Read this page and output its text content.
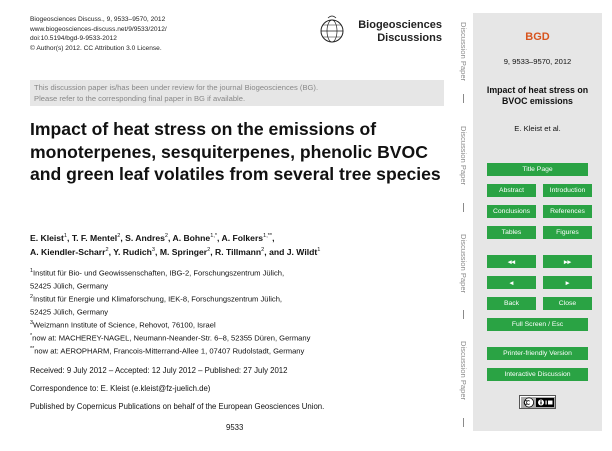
Biogeosciences Discuss., 9, 9533–9570, 2012
www.biogeosciences-discuss.net/9/9533/2012/
doi:10.5194/bgd-9-9533-2012
© Author(s) 2012. CC Attribution 3.0 License.
Biogeosciences
Discussions
This discussion paper is/has been under review for the journal Biogeosciences (BG).
Please refer to the corresponding final paper in BG if available.
Impact of heat stress on the emissions of monoterpenes, sesquiterpenes, phenolic BVOC and green leaf volatiles from several tree species
E. Kleist$^1$, T. F. Mentel$^2$, S. Andres$^2$, A. Bohne$^{1,*}$, A. Folkers$^{1,**}$,
A. Kiendler-Scharr$^2$, Y. Rudich$^3$, M. Springer$^2$, R. Tillmann$^2$, and J. Wildt$^1$
$^1$Institut für Bio- und Geowissenschaften, IBG-2, Forschungszentrum Jülich,
52425 Jülich, Germany
$^2$Institut für Energie und Klimaforschung, IEK-8, Forschungszentrum Jülich,
52425 Jülich, Germany
$^3$Weizmann Institute of Science, Rehovot, 76100, Israel
*now at: MACHEREY-NAGEL, Neumann-Neander-Str. 6–8, 52355 Düren, Germany
**now at: AEROPHARM, Francois-Mitterrand-Allee 1, 07407 Rudolstadt, Germany
Received: 9 July 2012 – Accepted: 12 July 2012 – Published: 27 July 2012
Correspondence to: E. Kleist (e.kleist@fz-juelich.de)
Published by Copernicus Publications on behalf of the European Geosciences Union.
9533
Discussion Paper
Discussion Paper
Discussion Paper
Discussion Paper
BGD
9, 9533–9570, 2012
Impact of heat stress on BVOC emissions
E. Kleist et al.
Title Page
Abstract	Introduction
Conclusions	References
Tables	Figures
◂◂	▸▸
◂	▸
Back	Close
Full Screen / Esc
Printer-friendly Version
Interactive Discussion
